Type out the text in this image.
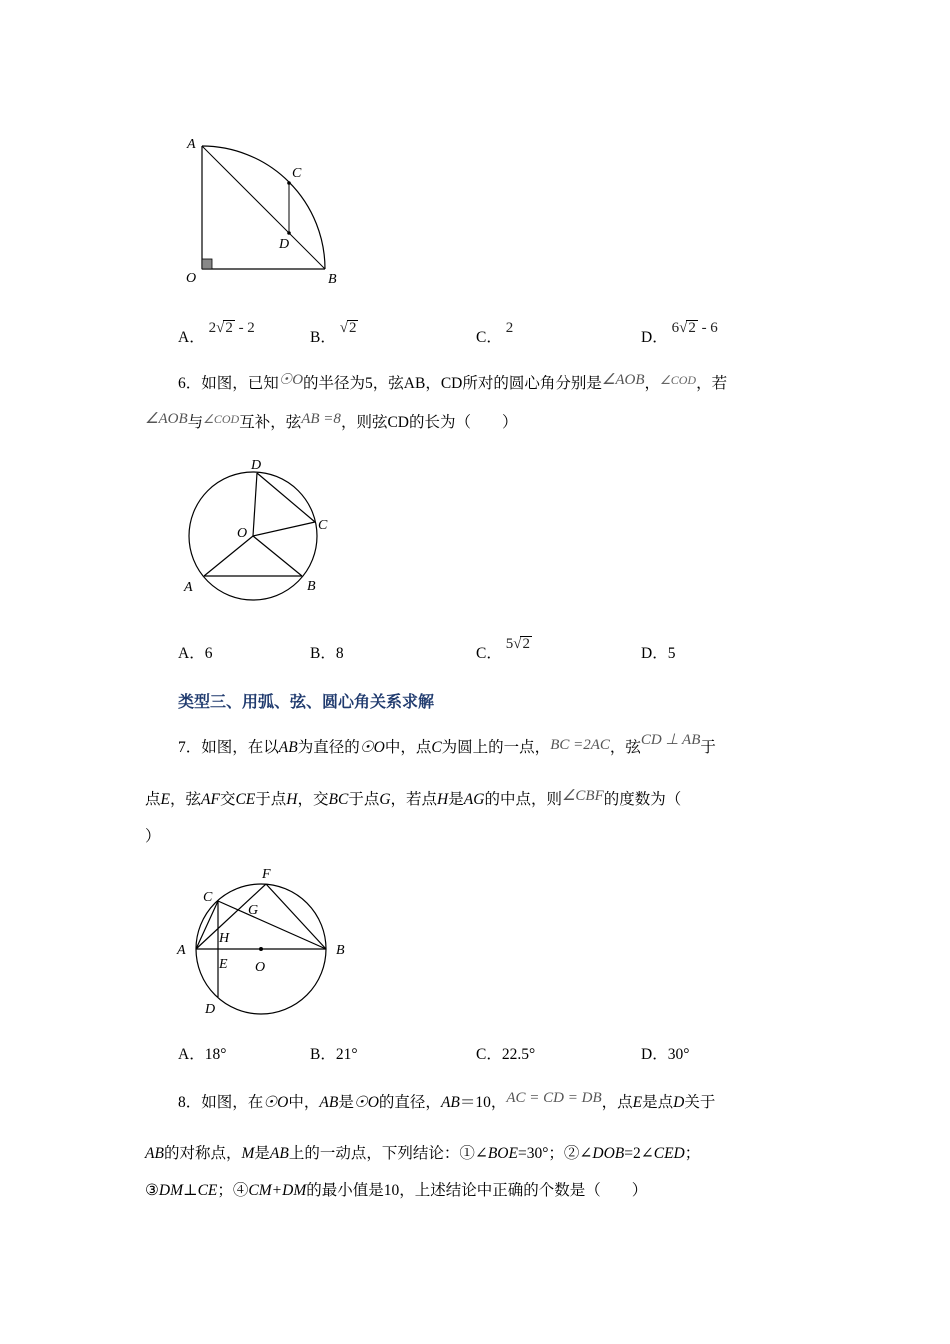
A
C
D
O	B
A． 2√2 - 2
B． √2
C． 2
D． 6√2 - 6
6．如图，已知☉O的半径为5，弦AB，CD所对的圆心角分别是∠AOB，$^{\angle COD}$，若
∠AOB与$^{\angle COD}$互补，弦AB =8，则弦CD的长为（　　）
D
C
O
A	B
A．6	B．8	C． 5√2
D．5
类型三、用弧、弦、圆心角关系求解
7．如图，在以AB为直径的☉O中，点C为圆上的一点，BC =2AC，弦CD ⊥ AB于
点E，弦AF交CE于点H，交BC于点G，若点H是AG的中点，则∠CBF的度数为（
）
F
C
G
H
A	B
E O
D
A．18°	B．21°	C．22.5°	D．30°
8．如图，在☉O中，AB是☉O的直径，AB＝10，AC = CD = DB，点E是点D关于
AB的对称点，M是AB上的一动点，下列结论：①∠BOE=30°；②∠DOB=2∠CED；
③DM⊥CE；④CM+DM的最小值是10，上述结论中正确的个数是（　　）
